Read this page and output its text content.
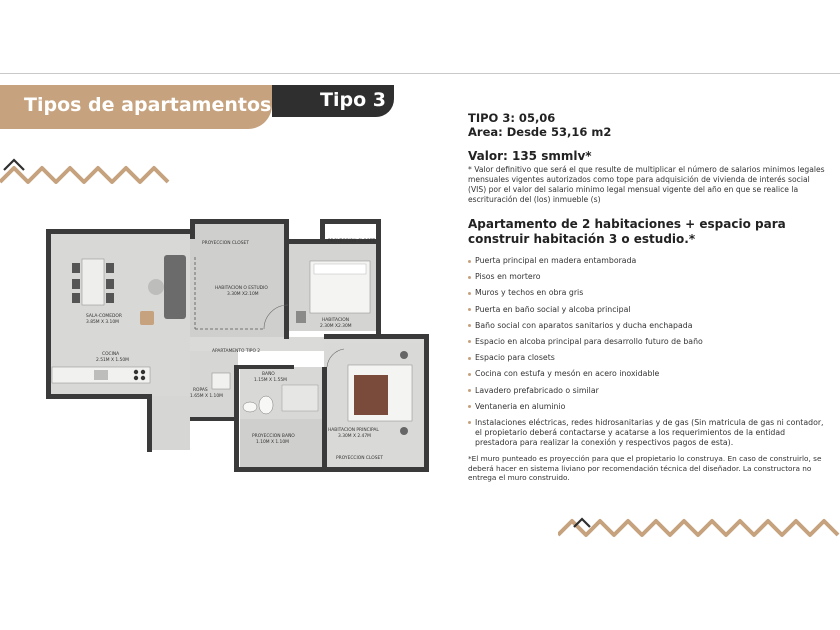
Tipos de apartamentos	Tipo 3
PROYECCION CLOSET	PROYECCION CLOSET
HABITACION O ESTUDIO
3.30M X2.10M
HABITACION
2.30M X2.30M
SALA-COMEDOR
3.85M X 3.10M
COCINA
2.51M X 1.50M
APARTAMENTO TIPO 2
ROPAS
1.65M X 1.10M
BAÑO
1.15M X 1.55M
PROYECCION BAÑO
1.10M X 1.10M
HABITACION PRINCIPAL
3.30M X 2.47M
PROYECCION CLOSET
TIPO 3: 05,06
Area: Desde 53,16 m2
Valor: 135 smmlv*
* Valor definitivo que será el que resulte de multiplicar el número de salarios minimos legales mensuales vigentes autorizados como tope para adquisición de vivienda de interés social (VIS) por el valor del salario minimo legal mensual vigente del año en que se realice la escrituración del (los) inmueble (s)
Apartamento de 2 habitaciones + espacio para construir habitación 3 o estudio.*
Puerta principal en madera entamborada
Pisos en mortero
Muros y techos en obra gris
Puerta en baño social y alcoba principal
Baño social con aparatos sanitarios y ducha enchapada
Espacio en alcoba principal para desarrollo futuro de baño
Espacio para closets
Cocina con estufa y mesón en acero inoxidable
Lavadero prefabricado o similar
Ventaneria en aluminio
Instalaciones eléctricas, redes hidrosanitarias y de gas (Sin matricula de gas ni contador, el propietario deberá contactarse y acatarse a los requerimientos de la entidad prestadora para realizar la conexión y respectivos pagos de esta).
*El muro punteado es proyección para que el propietario lo construya. En caso de construirlo, se deberá hacer en sistema liviano por recomendación técnica del diseñador. La constructora no entrega el muro construido.
